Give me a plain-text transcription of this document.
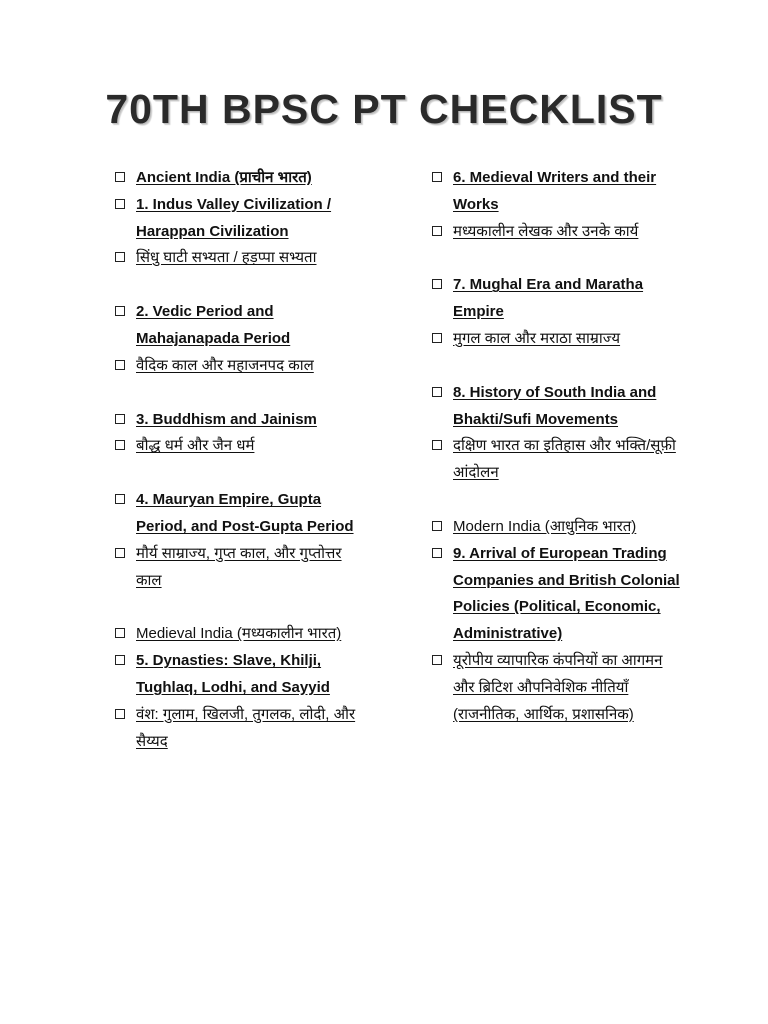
70TH BPSC PT CHECKLIST
Ancient India (प्राचीन भारत)
1. Indus Valley Civilization / Harappan Civilization
सिंधु घाटी सभ्यता / हड़प्पा सभ्यता
2. Vedic Period and Mahajanapada Period
वैदिक काल और महाजनपद काल
3. Buddhism and Jainism
बौद्ध धर्म और जैन धर्म
4. Mauryan Empire, Gupta Period, and Post-Gupta Period
मौर्य साम्राज्य, गुप्त काल, और गुप्तोत्तर काल
Medieval India (मध्यकालीन भारत)
5. Dynasties: Slave, Khilji, Tughlaq, Lodhi, and Sayyid
वंश: गुलाम, खिलजी, तुगलक, लोदी, और सैय्यद
6. Medieval Writers and their Works
मध्यकालीन लेखक और उनके कार्य
7. Mughal Era and Maratha Empire
मुगल काल और मराठा साम्राज्य
8. History of South India and Bhakti/Sufi Movements
दक्षिण भारत का इतिहास और भक्ति/सूफ़ी आंदोलन
Modern India (आधुनिक भारत)
9. Arrival of European Trading Companies and British Colonial Policies (Political, Economic, Administrative)
यूरोपीय व्यापारिक कंपनियों का आगमन और ब्रिटिश औपनिवेशिक नीतियाँ (राजनीतिक, आर्थिक, प्रशासनिक)
